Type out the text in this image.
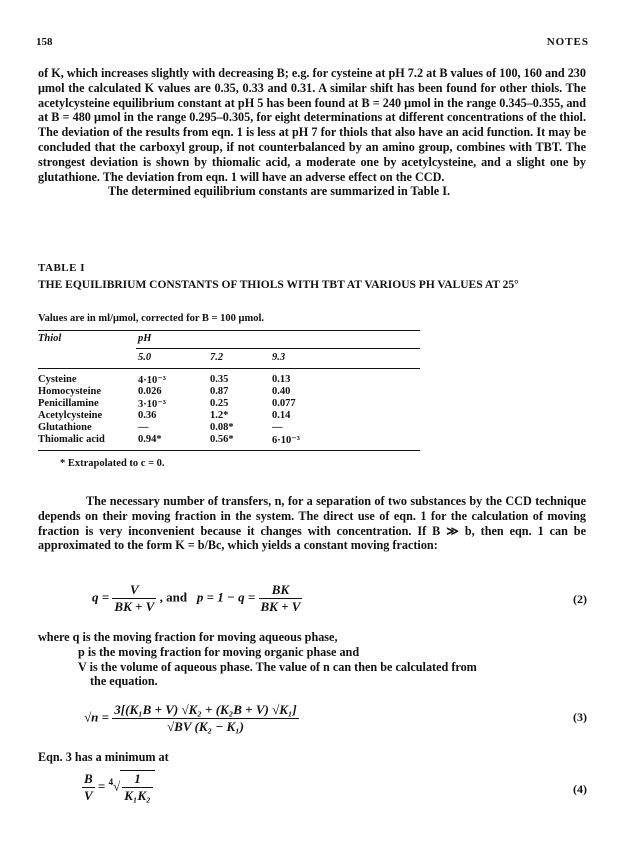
158	NOTES
of K, which increases slightly with decreasing B; e.g. for cysteine at pH 7.2 at B values of 100, 160 and 230 μmol the calculated K values are 0.35, 0.33 and 0.31. A similar shift has been found for other thiols. The acetylcysteine equilibrium constant at pH 5 has been found at B = 240 μmol in the range 0.345–0.355, and at B = 480 μmol in the range 0.295–0.305, for eight determinations at different concentrations of the thiol. The deviation of the results from eqn. 1 is less at pH 7 for thiols that also have an acid function. It may be concluded that the carboxyl group, if not counterbalanced by an amino group, combines with TBT. The strongest deviation is shown by thiomalic acid, a moderate one by acetylcysteine, and a slight one by glutathione. The deviation from eqn. 1 will have an adverse effect on the CCD.
The determined equilibrium constants are summarized in Table I.
TABLE I
THE EQUILIBRIUM CONSTANTS OF THIOLS WITH TBT AT VARIOUS PH VALUES AT 25°
Values are in ml/μmol, corrected for B = 100 μmol.
Thiol	pH
5.0	7.2	9.3
Cysteine	4·10⁻³	0.35	0.13
Homocysteine	0.026	0.87	0.40
Penicillamine	3·10⁻³	0.25	0.077
Acetylcysteine	0.36	1.2*	0.14
Glutathione	—	0.08*	—
Thiomalic acid	0.94*	0.56*	6·10⁻³
* Extrapolated to c = 0.
The necessary number of transfers, n, for a separation of two substances by the CCD technique depends on their moving fraction in the system. The direct use of eqn. 1 for the calculation of moving fraction is very inconvenient because it changes with concentration. If B ≫ b, then eqn. 1 can be approximated to the form K = b/Bc, which yields a constant moving fraction:
$q = \frac{V}{BK + V}$ , and $p = 1 - q = \frac{BK}{BK + V}$	(2)
where q is the moving fraction for moving aqueous phase,
p is the moving fraction for moving organic phase and
V is the volume of aqueous phase. The value of n can then be calculated from
the equation.
$√n = \frac{\text{3[(K₁B + V) √K₂ + (K₂B + V) √K₁]}}{\text{√BV (K₂ − K₁)}}$	(3)
Eqn. 3 has a minimum at
$\frac{B}{V} = ^4√ \frac{1}{\text{K₁K₂}}$	(4)
